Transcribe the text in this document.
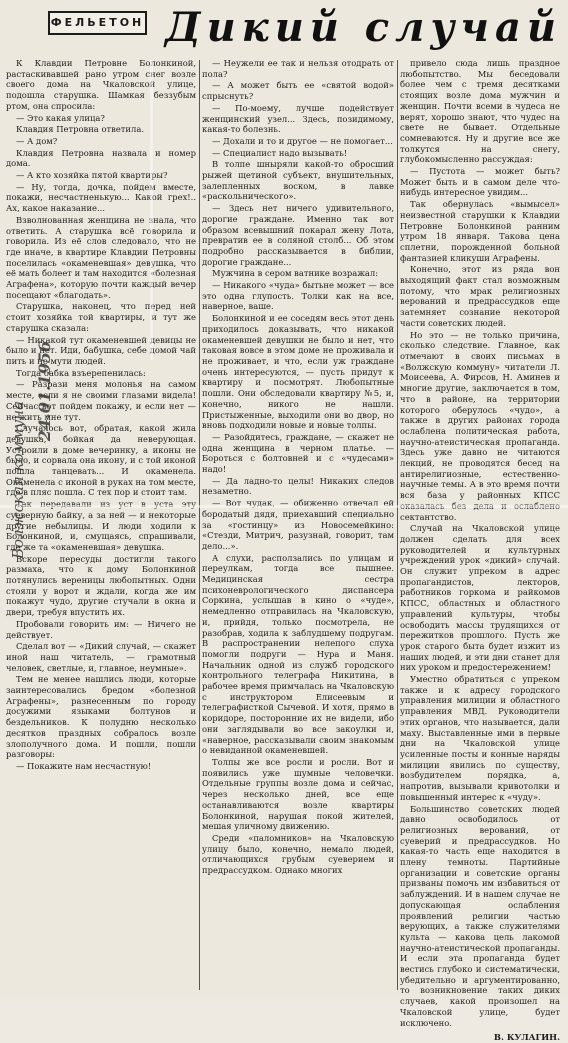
ФЕЛЬЕТОН Дикий случай

К Клавдии Петровне Болонкиной, растаскивавшей рано утром снег возле своего дома на Чкаловской улице, подошла старушка. Шамкая беззубым ртом, она спросила:

— Это какая улица?

Клавдия Петровна ответила.

— А дом?

Клавдия Петровна назвала и номер дома.

— А кто хозяйка пятой квартиры?

— Ну, тогда, дочка, пойдем вместе, покажи, несчастненькую... Какой грех!.. Ах, какое наказание...

Взволнованная женщина не знала, что ответить. А старушка всё говорила и говорила. Из её слов следовало, что не где иначе, в квартире Клавдии Петровны поселилась «окаменевшая» девушка, что её мать болеет и там находится «болезная Аграфена», которую почти каждый вечер посещают «благодать».

Старушка, наконец, что перед ней стоит хозяйка той квартиры, и тут же старушка сказала:

— Никакой тут окаменевшей девицы не было и нет. Иди, бабушка, себе домой чай пить и не мути людей.

Тогда бабка взъерепенилась:

— Разрази меня молонья на самом месте, если я не своими глазами видела! Сейчас вот пойдем покажу, и если нет — не жить мне тут.

Случалось вот, обратая, какой жила девушка, бойкая да неверующая. Устроили в доме вечеринку, а иконы не было, и сорвала она икону, и с той иконой пошла танцевать... И окаменела. Окаменела с иконой в руках на том месте, где в пляс пошла. С тех пор и стоит там.

Так передавали из уст в уста эту суеверную байку, а за ней — и некоторые другие небылицы. И люди ходили к Болонкиной, и, смущаясь, спрашивали, где же та «окаменевшая» девушка.

Вскоре пересуды достигли такого размаха, что к дому Болонкиной потянулись вереницы любопытных. Одни стояли у ворот и ждали, когда же им покажут чудо, другие стучали в окна и двери, требуя впустить их.

Пробовали говорить им: — Ничего не действует.

Сделал вот — «Дикий случай, — скажет иной наш читатель, — грамотный человек, светлые, и, главное, неумные».

Тем не менее нашлись люди, которые заинтересовались бредом «болезной Аграфены», разнесенным по городу досужими языками болтунов и бездельников. К полудню несколько десятков праздных собралось возле злополучного дома. И пошли, пошли разговоры:

— Покажите нам несчастную!

— Неужели ее так и нельзя отодрать от пола?

— А может быть ее «святой водой» спрыснуть?

— По-моему, лучше подействует женщинский узел... Здесь, позидимому, какая-то болезнь.

— Дохали и то и другое — не помогает...

— Специалист надо вызывать!

В толпе шныряли какой-то обросший рыжей щетиной субъект, внушительных, залепленных воском, в лавке «раскольнического».

— Здесь нет ничего удивительного, дорогие граждане. Именно так вот образом всевышний покарал жену Лота, превратив ее в соляной столб... Об этом подробно рассказывается в библии, дорогие граждане...

Мужчина в сером ватнике возражал:

— Никакого «чуда» бытьне может — все это одна глупость. Толки как на все, наверное, ваше.

Болонкиной и ее соседям весь этот день приходилось доказывать, что никакой окаменевшей девушки не было и нет, что таковая вовсе в этом доме не проживала и не проживает, и что, если уж граждане очень интересуются, — пусть придут к квартиру и посмотрят. Любопытные пошли. Они обследовали квартиру №5, и, конечно, никого не нашли. Пристыженные, выходили они во двор, но вновь подходили новые и новые толпы.

— Разойдитесь, граждане, — скажет не одна женщина в черном платье. — Бороться с болтовней и с «чудесами» надо!

— Да ладно-то целы! Никаких следов незаметно.

— Вот чудак, — обиженно отвечал ей бородатый дядя, приехавший специально за «гостинцу» из Новосемейкино: «Стезди, Митрич, разузнай, говорит, там дело...».

А слухи, расползались по улицам и переулкам, тогда все пышнее. Медицинская сестра психоневрологического диспансера Соркина, услышав в кино о «чуде», немедленно отправилась на Чкаловскую, и, прийдя, только посмотрела, не разобрав, ходила к заблудшему подругам. В распространении нелепого слуха помогли подруги — Нура и Маня. Начальник одной из служб городского контрольного телеграфа Никитина, в рабочее время примчалась на Чкаловскую с инструктором Елисеевым и телеграфисткой Сычевой. И хотя, прямо в коридоре, посторонние их не видели, ибо они заглядывали во все закоулки и, «наверное, рассказывали своим знакомым о невиданной окаменевшей.

Толпы же все росли и росли. Вот и появились уже шумные человечки. Отдельные группы возле дома и сейчас, через несколько дней, все еще останавливаются возле квартиры Болонкиной, нарушая покой жителей, мешая уличному движению.

Среди «паломников» на Чкаловскую улицу было, конечно, немало людей, отличающихся грубым суеверием и предрассудком. Однако многих

привело сюда лишь праздное любопытство. Мы беседовали более чем с тремя десятками стоящих возле дома мужчин и женщин. Почти всеми в чудеса не верят, хорошо знают, что чудес на свете не бывает. Отдельные сомневаются. Ну и другие все же толкутся на снегу, глубокомысленно рассуждая:

— Пустота — может быть? Может быть и в самом деле что-нибудь интересное увидим...

Так обернулась «вымысел» неизвестной старушки к Клавдии Петровне Болонкиной ранним утром 18 января. Такова цена сплетни, порожденной больной фантазией кликуши Аграфены.

Конечно, этот из ряда вон выходящий факт стал возможным потому, что мрак религиозных верований и предрассудков еще затемняет сознание некоторой части советских людей.

Но это — не только причина, сколько следствие. Главное, как отмечают в своих письмах в «Волжскую коммуну» читатели Л. Моисеева, А. Фирсов, Н. Аминев и многие другие, заключается в том, что в районе, на территории которого оберулось «чудо», а также в других районах города ослаблена политическая работа, научно-атеистическая пропаганда. Здесь уже давно не читаются лекций, не проводятся бесед на антирелигиозные, естественно-научные темы. А в это время почти вся база у районных КПСС оказалась без дела и ослаблено сектантство.

Случай на Чкаловской улице должен сделать для всех руководителей и культурных учреждений урок «дикий» случай. Он служит упреком в адрес пропагандистов, лекторов, работников горкома и райкомов КПСС, областных и областного управлений культуры, чтобы освободить массы трудящихся от пережитков прошлого. Пусть же урок старого быта будет изжит из наших людей, и эти дни станет для них уроком и предостережением!

Уместно обратиться с упреком также и к адресу городского управления милиции и областного управления МВД. Руководители этих органов, что называется, дали маху. Выставленные ими в первые дни на Чкаловской улице усиленные посты и конные наряды милиции явились по существу, возбудителем порядка, а, напротив, вызывали кривотолки и повышенный интерес к «чуду».

Большинство советских людей давно освободилось от религиозных верований, от суеверий и предрассудков. Но какая-то часть еще находится в плену темноты. Партийные организации и советские органы призваны помочь им избавиться от заблуждений. И в нашем случае не допускающая ослабления проявлений религии частью верующих, а также служителями культа — какова цель лакомой научно-атеистической пропаганды. И если эта пропаганда будет вестись глубоко и систематически, убедительно и аргументированно, то возникновение таких диких случаев, какой произошел на Чкаловской улице, будет исключено.

В. КУЛАГИН.

24.01.1956
Волжская коммуна
